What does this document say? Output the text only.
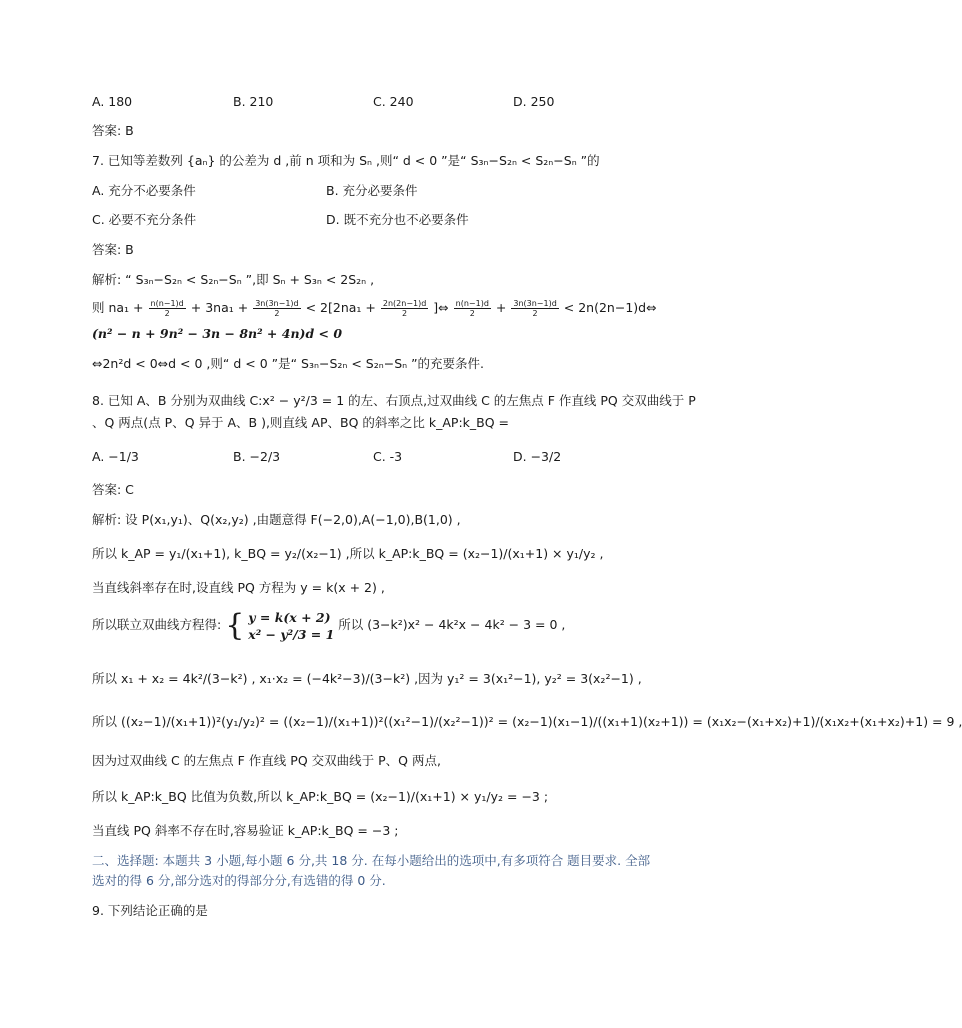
A. 180	B. 210	C. 240	D. 250
答案: B
7. 已知等差数列 {aₙ} 的公差为 d ,前 n 项和为 Sₙ ,则“ d < 0 ”是“ S₃ₙ−S₂ₙ < S₂ₙ−Sₙ ”的
A. 充分不必要条件	B. 充分必要条件
C. 必要不充分条件	D. 既不充分也不必要条件
答案: B
解析: “ S₃ₙ−S₂ₙ < S₂ₙ−Sₙ ”,即 Sₙ + S₃ₙ < 2S₂ₙ ,
则 $na_1 + \frac{n(n-1)d}{2} + 3na_1 + \frac{3n(3n-1)d}{2} < 2[2na_1 + \frac{2n(2n-1)d}{2}$ ]⇔ $\frac{n(n-1)d}{2} + \frac{3n(3n-1)d}{2}$ < 2n(2n−1)d⇔
(n² − n + 9n² − 3n − 8n² + 4n)d < 0
⇔2n²d < 0⇔d < 0 ,则“ d < 0 ”是“ S₃ₙ−S₂ₙ < S₂ₙ−Sₙ ”的充要条件.
8. 已知 A、B 分别为双曲线 C:x² − y²/3 = 1 的左、右顶点,过双曲线 C 的左焦点 F 作直线 PQ 交双曲线于 P
、Q 两点(点 P、Q 异于 A、B ),则直线 AP、BQ 的斜率之比 k_AP:k_BQ =
A. −1/3	B. −2/3	C. -3	D. −3/2
答案: C
解析: 设 P(x₁,y₁)、Q(x₂,y₂) ,由题意得 F(−2,0),A(−1,0),B(1,0) ,
所以 k_AP = y₁/(x₁+1), k_BQ = y₂/(x₂−1) ,所以 k_AP:k_BQ = (x₂−1)/(x₁+1) × y₁/y₂ ,
当直线斜率存在时,设直线 PQ 方程为 y = k(x + 2) ,
所以联立双曲线方程得: { y = k(x + 2)
x² − y²/3 = 1
所以 (3−k²)x² − 4k²x − 4k² − 3 = 0 ,
所以 x₁ + x₂ = 4k²/(3−k²) , x₁·x₂ = (−4k²−3)/(3−k²) ,因为 y₁² = 3(x₁²−1), y₂² = 3(x₂²−1) ,
所以 ((x₂−1)/(x₁+1))²(y₁/y₂)² = ((x₂−1)/(x₁+1))²((x₁²−1)/(x₂²−1))² = (x₂−1)(x₁−1)/((x₁+1)(x₂+1)) = (x₁x₂−(x₁+x₂)+1)/(x₁x₂+(x₁+x₂)+1) = 9 ,
因为过双曲线 C 的左焦点 F 作直线 PQ 交双曲线于 P、Q 两点,
所以 k_AP:k_BQ 比值为负数,所以 k_AP:k_BQ = (x₂−1)/(x₁+1) × y₁/y₂ = −3 ;
当直线 PQ 斜率不存在时,容易验证 k_AP:k_BQ = −3 ;
二、选择题: 本题共 3 小题,每小题 6 分,共 18 分. 在每小题给出的选项中,有多项符合 题目要求. 全部
选对的得 6 分,部分选对的得部分分,有选错的得 0 分.
9. 下列结论正确的是
